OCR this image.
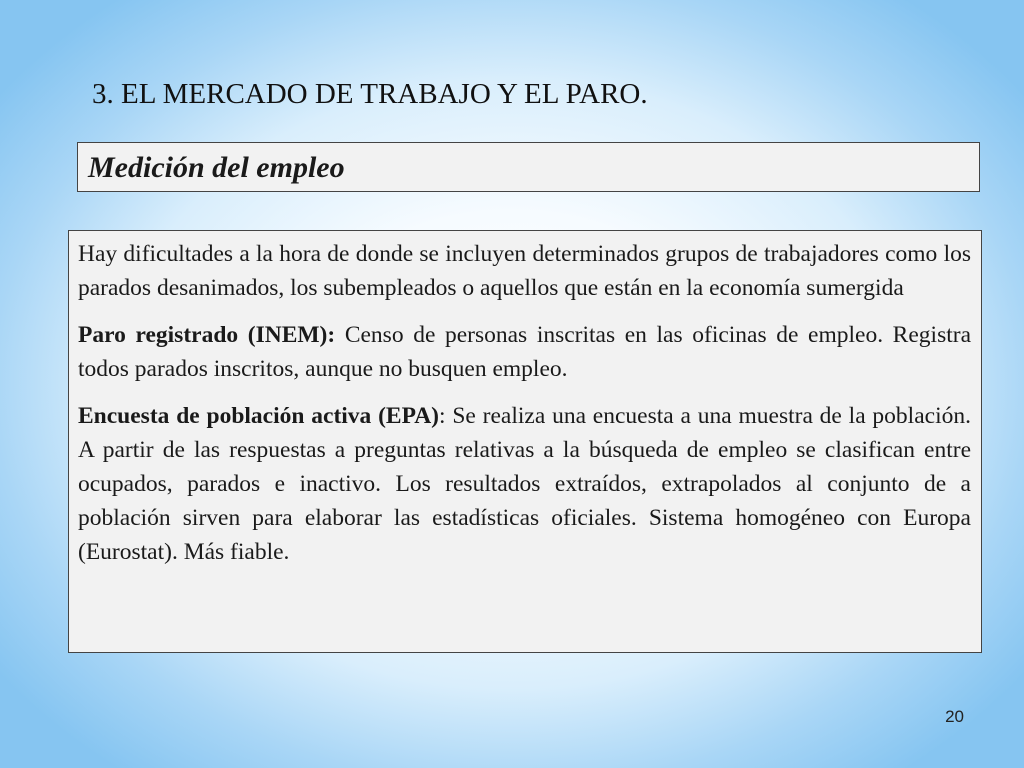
3. EL MERCADO DE TRABAJO Y EL PARO.
Medición del empleo

Hay dificultades a la hora de donde se incluyen determinados grupos de trabajadores como los parados desanimados, los subempleados o aquellos que están en la economía sumergida

Paro registrado (INEM): Censo de personas inscritas en las oficinas de empleo. Registra todos parados inscritos, aunque no busquen empleo.

Encuesta de población activa (EPA): Se realiza una encuesta a una muestra de la población. A partir de las respuestas a preguntas relativas a la búsqueda de empleo se clasifican entre ocupados, parados e inactivo. Los resultados extraídos, extrapolados al conjunto de a población sirven para elaborar las estadísticas oficiales. Sistema homogéneo con Europa (Eurostat). Más fiable.

20
